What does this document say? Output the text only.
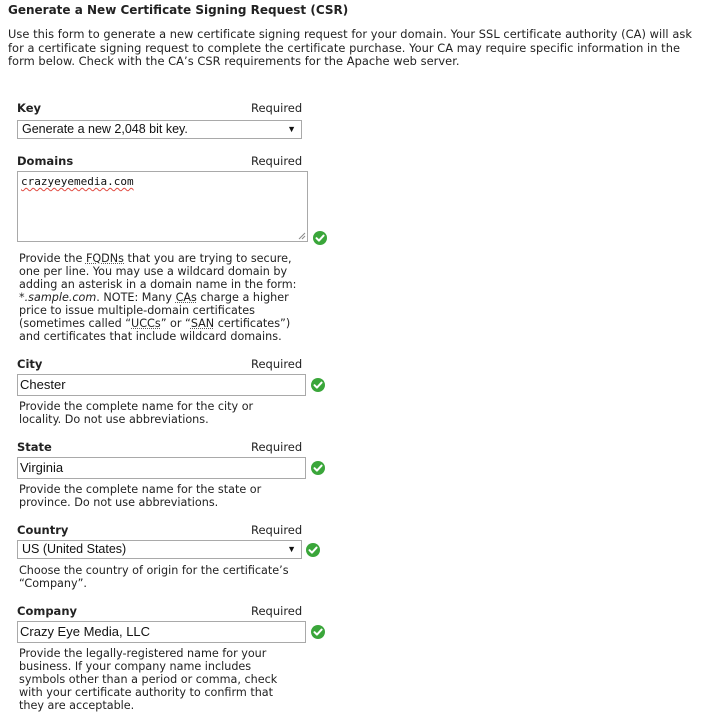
Generate a New Certificate Signing Request (CSR)
Use this form to generate a new certificate signing request for your domain. Your SSL certificate authority (CA) will ask for a certificate signing request to complete the certificate purchase. Your CA may require specific information in the form below. Check with the CA’s CSR requirements for the Apache web server.
Key	Required
Generate a new 2,048 bit key.	▼
Domains	Required
crazyeyemedia.com
Provide the FQDNs that you are trying to secure, one per line. You may use a wildcard domain by adding an asterisk in a domain name in the form: *.sample.com. NOTE: Many CAs charge a higher price to issue multiple-domain certificates (sometimes called “UCCs” or “SAN certificates”) and certificates that include wildcard domains.
City	Required
Chester
Provide the complete name for the city or locality. Do not use abbreviations.
State	Required
Virginia
Provide the complete name for the state or province. Do not use abbreviations.
Country	Required
US (United States)	▼
Choose the country of origin for the certificate’s “Company”.
Company	Required
Crazy Eye Media, LLC
Provide the legally-registered name for your business. If your company name includes symbols other than a period or comma, check with your certificate authority to confirm that they are acceptable.
